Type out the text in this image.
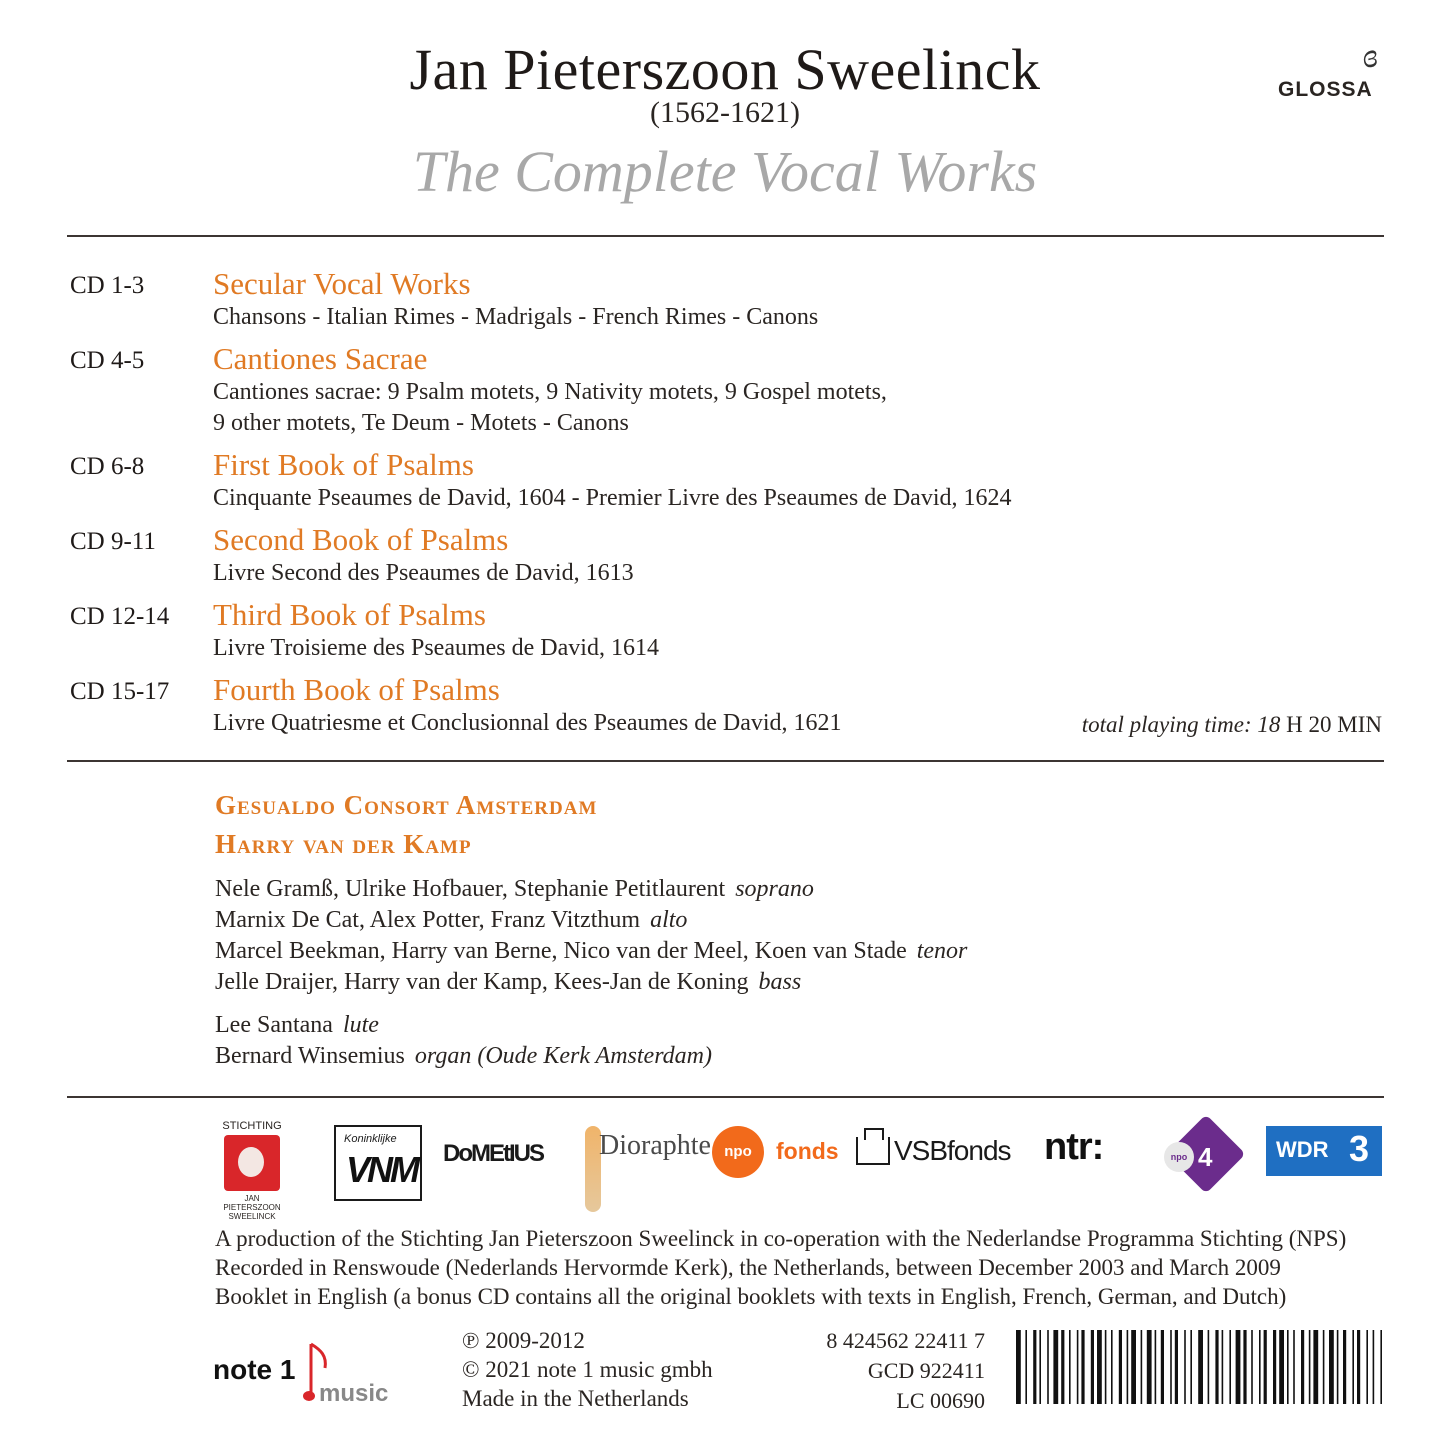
Jan Pieterszoon Sweelinck
(1562-1621)
The Complete Vocal Works
ɞ
GLOSSA
CD 1-3 Secular Vocal Works
Chansons - Italian Rimes - Madrigals - French Rimes - Canons
CD 4-5 Cantiones Sacrae
Cantiones sacrae: 9 Psalm motets, 9 Nativity motets, 9 Gospel motets,
9 other motets, Te Deum - Motets - Canons
CD 6-8 First Book of Psalms
Cinquante Pseaumes de David, 1604 - Premier Livre des Pseaumes de David, 1624
CD 9-11 Second Book of Psalms
Livre Second des Pseaumes de David, 1613
CD 12-14 Third Book of Psalms
Livre Troisieme des Pseaumes de David, 1614
CD 15-17 Fourth Book of Psalms
Livre Quatriesme et Conclusionnal des Pseaumes de David, 1621	total playing time: 18 H 20 MIN
Gesualdo Consort Amsterdam
Harry van der Kamp
Nele Gramß, Ulrike Hofbauer, Stephanie Petitlaurent soprano
Marnix De Cat, Alex Potter, Franz Vitzthum alto
Marcel Beekman, Harry van Berne, Nico van der Meel, Koen van Stade tenor
Jelle Draijer, Harry van der Kamp, Kees-Jan de Koning bass
Lee Santana lute
Bernard Winsemius organ (Oude Kerk Amsterdam)
STICHTING
JAN PIETERSZOON SWEELINCK
Koninklijke
VNM DoMEtIUS Dioraphte npo	fonds VSBfonds ntr:	npo 4	WDR 3
A production of the Stichting Jan Pieterszoon Sweelinck in co-operation with the Nederlandse Programma Stichting (NPS)
Recorded in Renswoude (Nederlands Hervormde Kerk), the Netherlands, between December 2003 and March 2009
Booklet in English (a bonus CD contains all the original booklets with texts in English, French, German, and Dutch)
note 1
music
℗ 2009-2012
© 2021 note 1 music gmbh
Made in the Netherlands
8 424562 22411 7
GCD 922411
LC 00690
